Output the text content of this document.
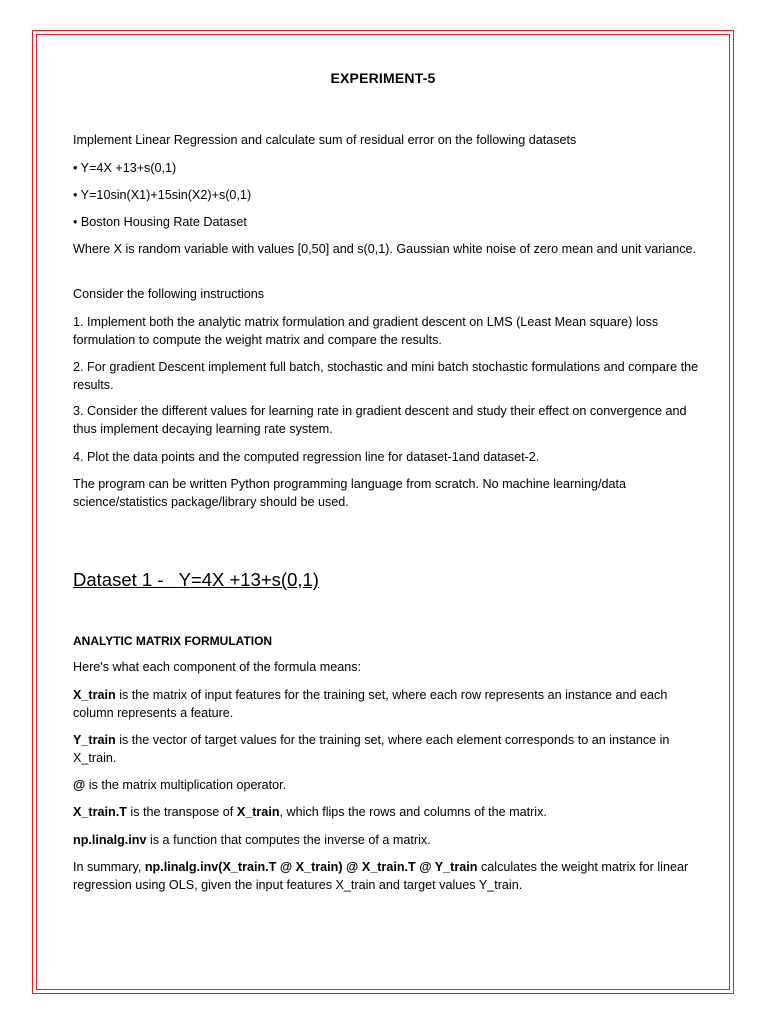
EXPERIMENT-5

Implement Linear Regression and calculate sum of residual error on the following datasets

• Y=4X +13+s(0,1)

• Y=10sin(X1)+15sin(X2)+s(0,1)

• Boston Housing Rate Dataset

Where X is random variable with values [0,50] and s(0,1). Gaussian white noise of zero mean and unit variance.

Consider the following instructions

1. Implement both the analytic matrix formulation and gradient descent on LMS (Least Mean square) loss formulation to compute the weight matrix and compare the results.

2. For gradient Descent implement full batch, stochastic and mini batch stochastic formulations and compare the results.

3. Consider the different values for learning rate in gradient descent and study their effect on convergence and thus implement decaying learning rate system.

4. Plot the data points and the computed regression line for dataset-1and dataset-2.

The program can be written Python programming language from scratch. No machine learning/data science/statistics package/library should be used.

Dataset 1 -   Y=4X +13+s(0,1)

ANALYTIC MATRIX FORMULATION

Here's what each component of the formula means:

X_train is the matrix of input features for the training set, where each row represents an instance and each column represents a feature.

Y_train is the vector of target values for the training set, where each element corresponds to an instance in X_train.

@ is the matrix multiplication operator.

X_train.T is the transpose of X_train, which flips the rows and columns of the matrix.

np.linalg.inv is a function that computes the inverse of a matrix.

In summary, np.linalg.inv(X_train.T @ X_train) @ X_train.T @ Y_train calculates the weight matrix for linear regression using OLS, given the input features X_train and target values Y_train.
